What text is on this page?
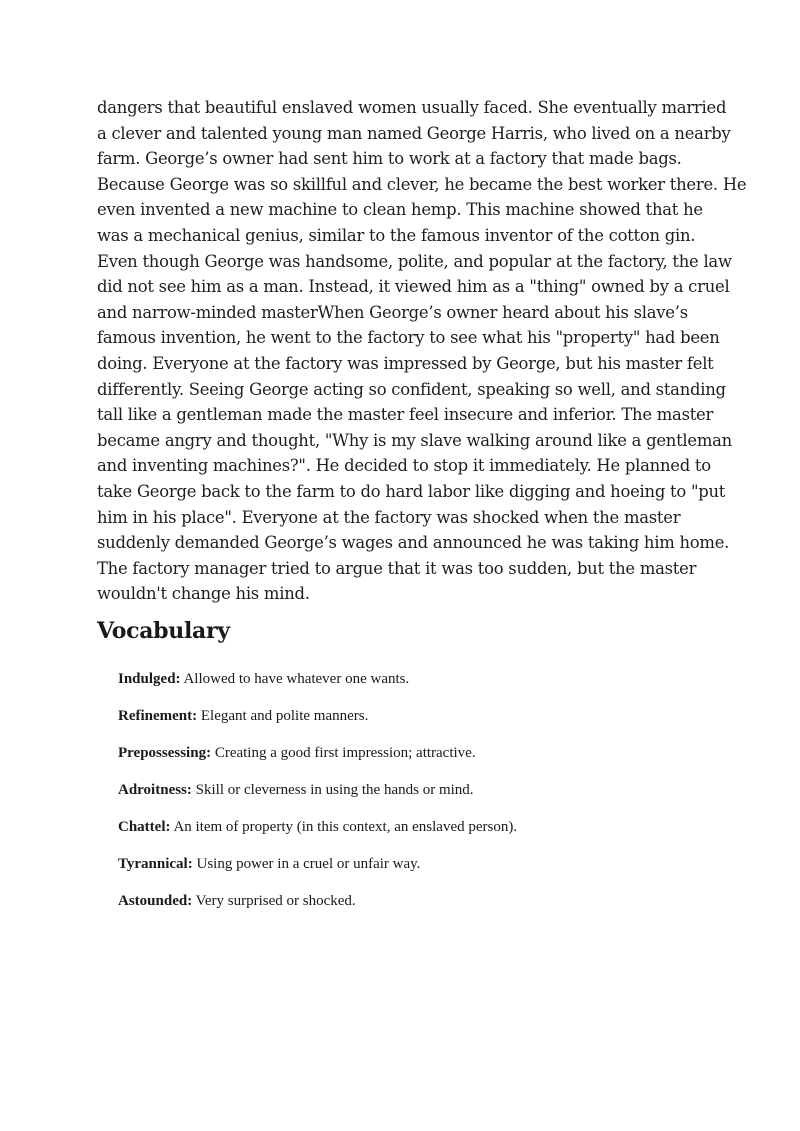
dangers that beautiful enslaved women usually faced. She eventually married
a clever and talented young man named George Harris, who lived on a nearby
farm. George’s owner had sent him to work at a factory that made bags.
Because George was so skillful and clever, he became the best worker there. He
even invented a new machine to clean hemp. This machine showed that he
was a mechanical genius, similar to the famous inventor of the cotton gin.
Even though George was handsome, polite, and popular at the factory, the law
did not see him as a man. Instead, it viewed him as a "thing" owned by a cruel
and narrow-minded masterWhen George’s owner heard about his slave’s
famous invention, he went to the factory to see what his "property" had been
doing. Everyone at the factory was impressed by George, but his master felt
differently. Seeing George acting so confident, speaking so well, and standing
tall like a gentleman made the master feel insecure and inferior. The master
became angry and thought, "Why is my slave walking around like a gentleman
and inventing machines?". He decided to stop it immediately. He planned to
take George back to the farm to do hard labor like digging and hoeing to "put
him in his place". Everyone at the factory was shocked when the master
suddenly demanded George’s wages and announced he was taking him home.
The factory manager tried to argue that it was too sudden, but the master
wouldn't change his mind.

Vocabulary
Indulged: Allowed to have whatever one wants.
Refinement: Elegant and polite manners.
Prepossessing: Creating a good first impression; attractive.
Adroitness: Skill or cleverness in using the hands or mind.
Chattel: An item of property (in this context, an enslaved person).
Tyrannical: Using power in a cruel or unfair way.
Astounded: Very surprised or shocked.
